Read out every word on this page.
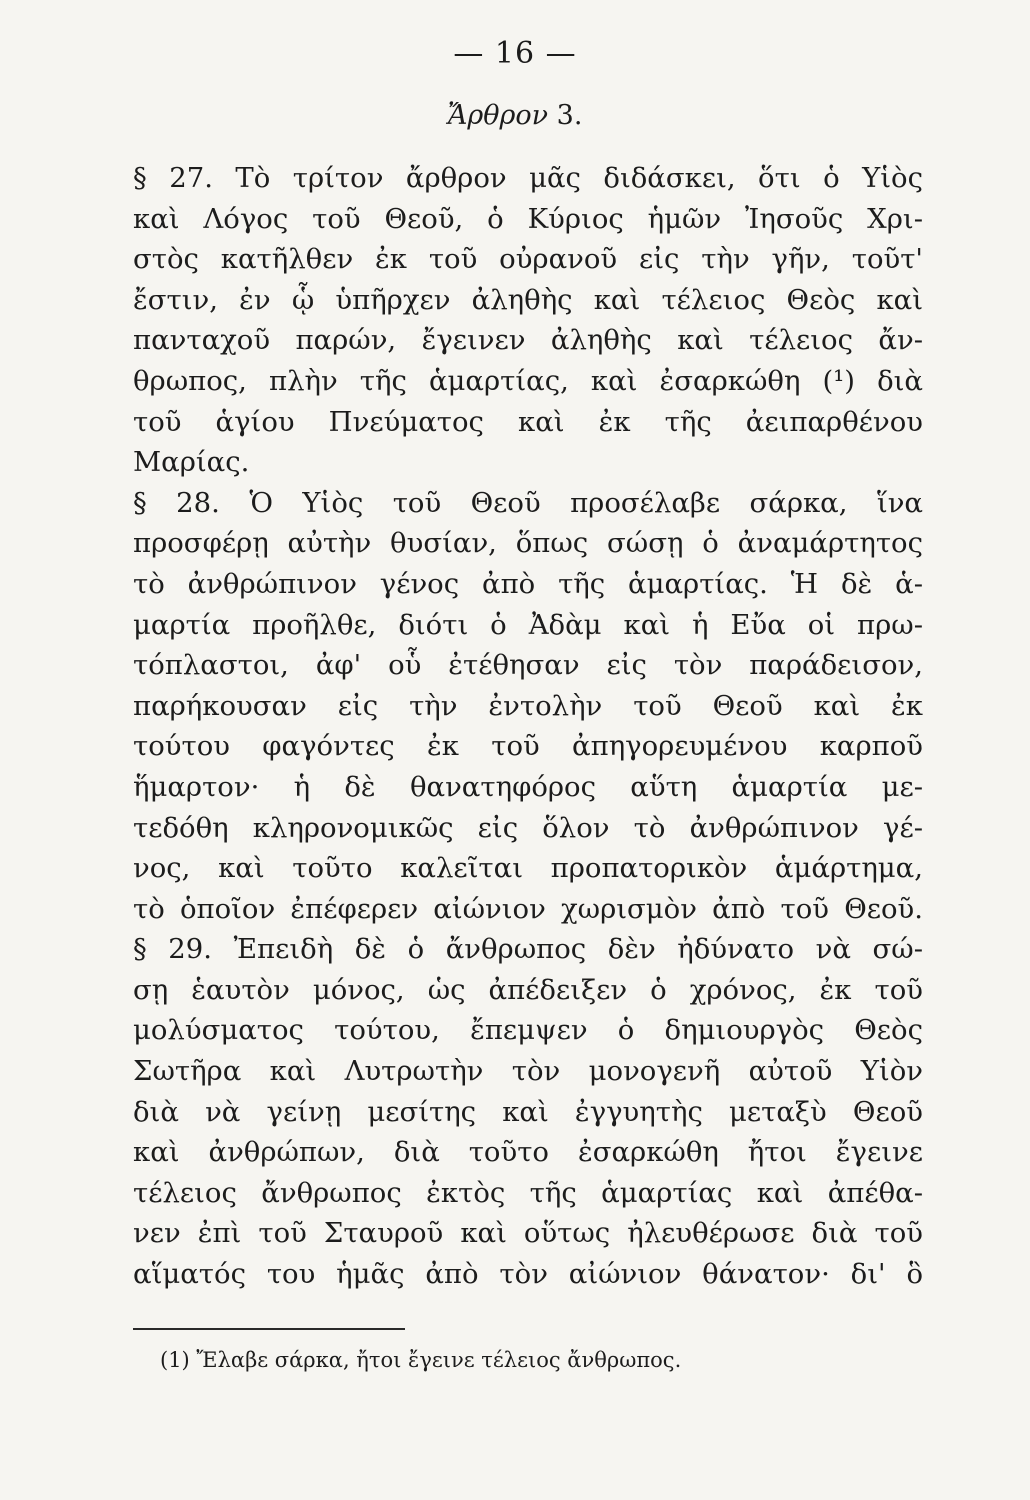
— 16 —
Ἄρθρον 3.
§ 27. Τὸ τρίτον ἄρθρον μᾶς διδάσκει, ὅτι ὁ Υἱὸς
καὶ Λόγος τοῦ Θεοῦ, ὁ Κύριος ἡμῶν Ἰησοῦς Χρι-
στὸς κατῆλθεν ἐκ τοῦ οὐρανοῦ εἰς τὴν γῆν, τοῦτ'
ἔστιν, ἐν ᾧ ὑπῆρχεν ἀληθὴς καὶ τέλειος Θεὸς καὶ
πανταχοῦ παρών, ἔγεινεν ἀληθὴς καὶ τέλειος ἄν-
θρωπος, πλὴν τῆς ἁμαρτίας, καὶ ἐσαρκώθη (¹) διὰ
τοῦ ἁγίου Πνεύματος καὶ ἐκ τῆς ἀειπαρθένου
Μαρίας.
§ 28. Ὁ Υἱὸς τοῦ Θεοῦ προσέλαβε σάρκα, ἵνα
προσφέρῃ αὐτὴν θυσίαν, ὅπως σώσῃ ὁ ἀναμάρτητος
τὸ ἀνθρώπινον γένος ἀπὸ τῆς ἁμαρτίας. Ἡ δὲ ἁ-
μαρτία προῆλθε, διότι ὁ Ἀδὰμ καὶ ἡ Εὔα οἱ πρω-
τόπλαστοι, ἀφ' οὗ ἐτέθησαν εἰς τὸν παράδεισον,
παρήκουσαν εἰς τὴν ἐντολὴν τοῦ Θεοῦ καὶ ἐκ
τούτου φαγόντες ἐκ τοῦ ἀπηγορευμένου καρποῦ
ἥμαρτον· ἡ δὲ θανατηφόρος αὕτη ἁμαρτία με-
τεδόθη κληρονομικῶς εἰς ὅλον τὸ ἀνθρώπινον γέ-
νος, καὶ τοῦτο καλεῖται προπατορικὸν ἁμάρτημα,
τὸ ὁποῖον ἐπέφερεν αἰώνιον χωρισμὸν ἀπὸ τοῦ Θεοῦ.
§ 29. Ἐπειδὴ δὲ ὁ ἄνθρωπος δὲν ἠδύνατο νὰ σώ-
σῃ ἑαυτὸν μόνος, ὡς ἀπέδειξεν ὁ χρόνος, ἐκ τοῦ
μολύσματος τούτου, ἔπεμψεν ὁ δημιουργὸς Θεὸς
Σωτῆρα καὶ Λυτρωτὴν τὸν μονογενῆ αὐτοῦ Υἱὸν
διὰ νὰ γείνῃ μεσίτης καὶ ἐγγυητὴς μεταξὺ Θεοῦ
καὶ ἀνθρώπων, διὰ τοῦτο ἐσαρκώθη ἤτοι ἔγεινε
τέλειος ἄνθρωπος ἐκτὸς τῆς ἁμαρτίας καὶ ἀπέθα-
νεν ἐπὶ τοῦ Σταυροῦ καὶ οὕτως ἠλευθέρωσε διὰ τοῦ
αἵματός του ἡμᾶς ἀπὸ τὸν αἰώνιον θάνατον· δι' ὃ
(1) Ἔλαβε σάρκα, ἤτοι ἔγεινε τέλειος ἄνθρωπος.
